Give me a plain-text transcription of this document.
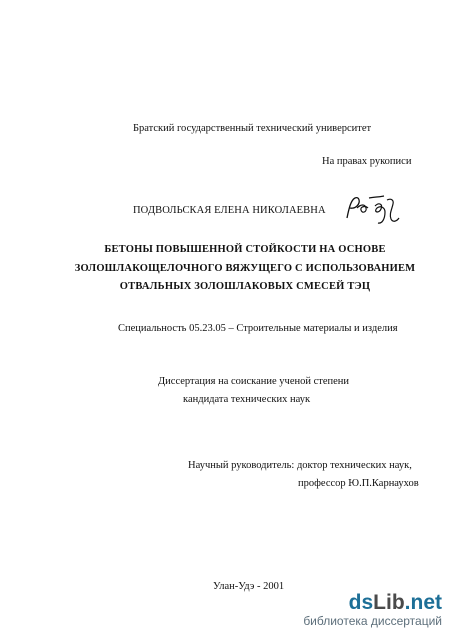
Братский государственный технический университет
На правах рукописи
ПОДВОЛЬСКАЯ ЕЛЕНА НИКОЛАЕВНА
БЕТОНЫ ПОВЫШЕННОЙ СТОЙКОСТИ НА ОСНОВЕ
ЗОЛОШЛАКОЩЕЛОЧНОГО ВЯЖУЩЕГО С ИСПОЛЬЗОВАНИЕМ
ОТВАЛЬНЫХ ЗОЛОШЛАКОВЫХ СМЕСЕЙ ТЭЦ
Специальность 05.23.05 – Строительные материалы и изделия
Диссертация на соискание ученой степени
кандидата технических наук
Научный руководитель: доктор технических наук,
профессор Ю.П.Карнаухов
Улан-Удэ - 2001
dsLib.net
библиотека диссертаций
